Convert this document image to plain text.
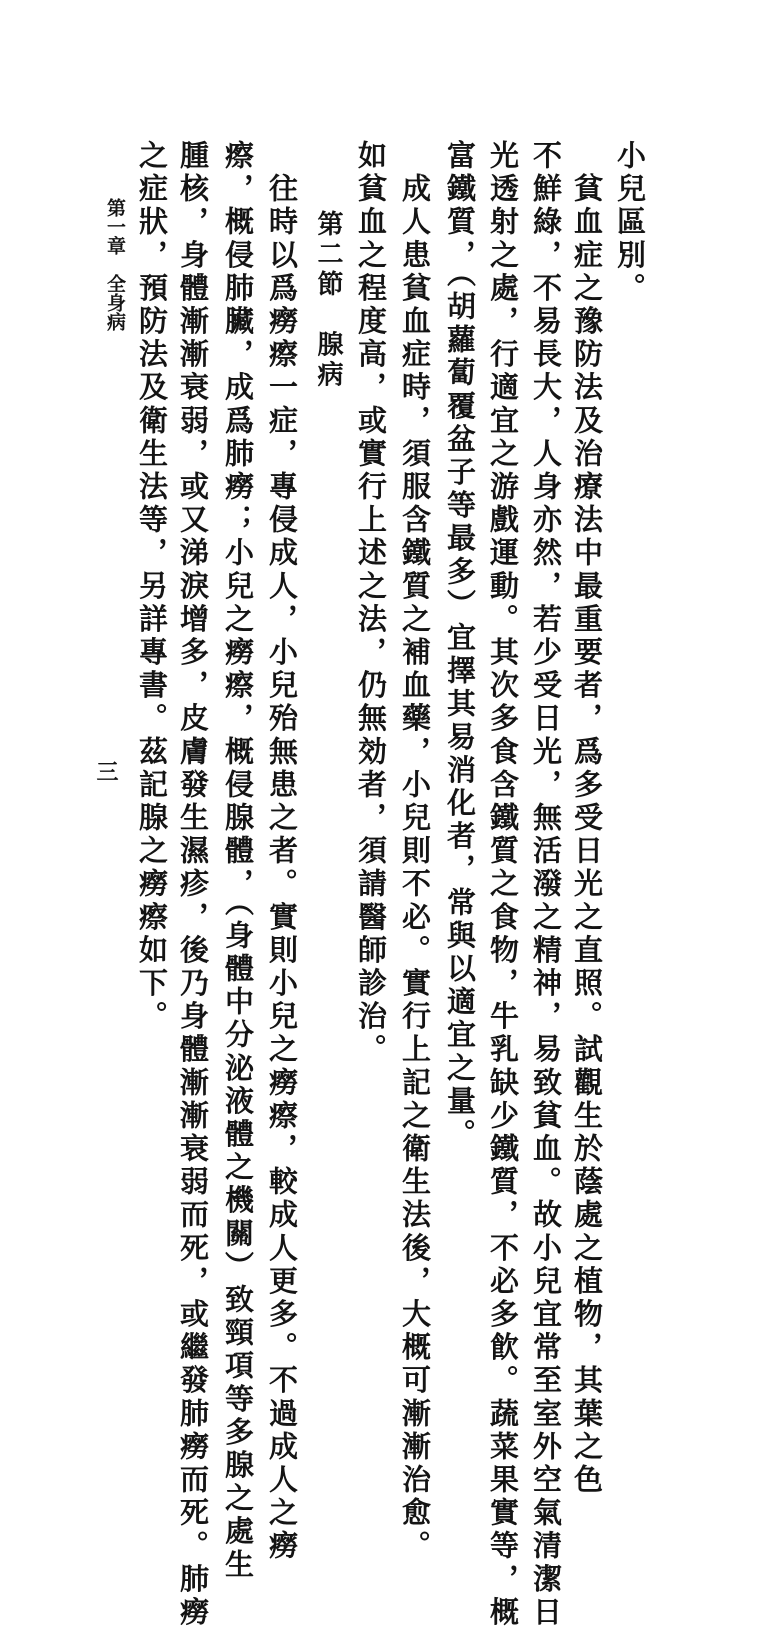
小兒區別。
　貧血症之豫防法及治療法中最重要者，爲多受日光之直照。試觀生於蔭處之植物，其葉之色
不鮮綠，不易長大，人身亦然，若少受日光，無活潑之精神，易致貧血。故小兒宜常至室外空氣清潔日
光透射之處，行適宜之游戲運動。其次多食含鐵質之食物，牛乳缺少鐵質，不必多飮。蔬菜果實等，概
富鐵質，（胡蘿蔔覆盆子等最多）宜擇其易消化者，常與以適宜之量。
　成人患貧血症時，須服含鐵質之補血藥，小兒則不必。實行上記之衛生法後，大概可漸漸治愈。
如貧血之程度高，或實行上述之法，仍無効者，須請醫師診治。
　第二節　腺病
　往時以爲癆瘵一症，專侵成人，小兒殆無患之者。實則小兒之癆瘵，較成人更多。不過成人之癆
瘵，概侵肺臟，成爲肺癆；小兒之癆瘵，概侵腺體，（身體中分泌液體之機關）致頸項等多腺之處生
腫核，身體漸漸衰弱，或又涕淚增多，皮膚發生濕疹，後乃身體漸漸衰弱而死，或繼發肺癆而死。肺癆
之症狀，預防法及衛生法等，另詳專書。茲記腺之癆瘵如下。
第一章　全身病
三
